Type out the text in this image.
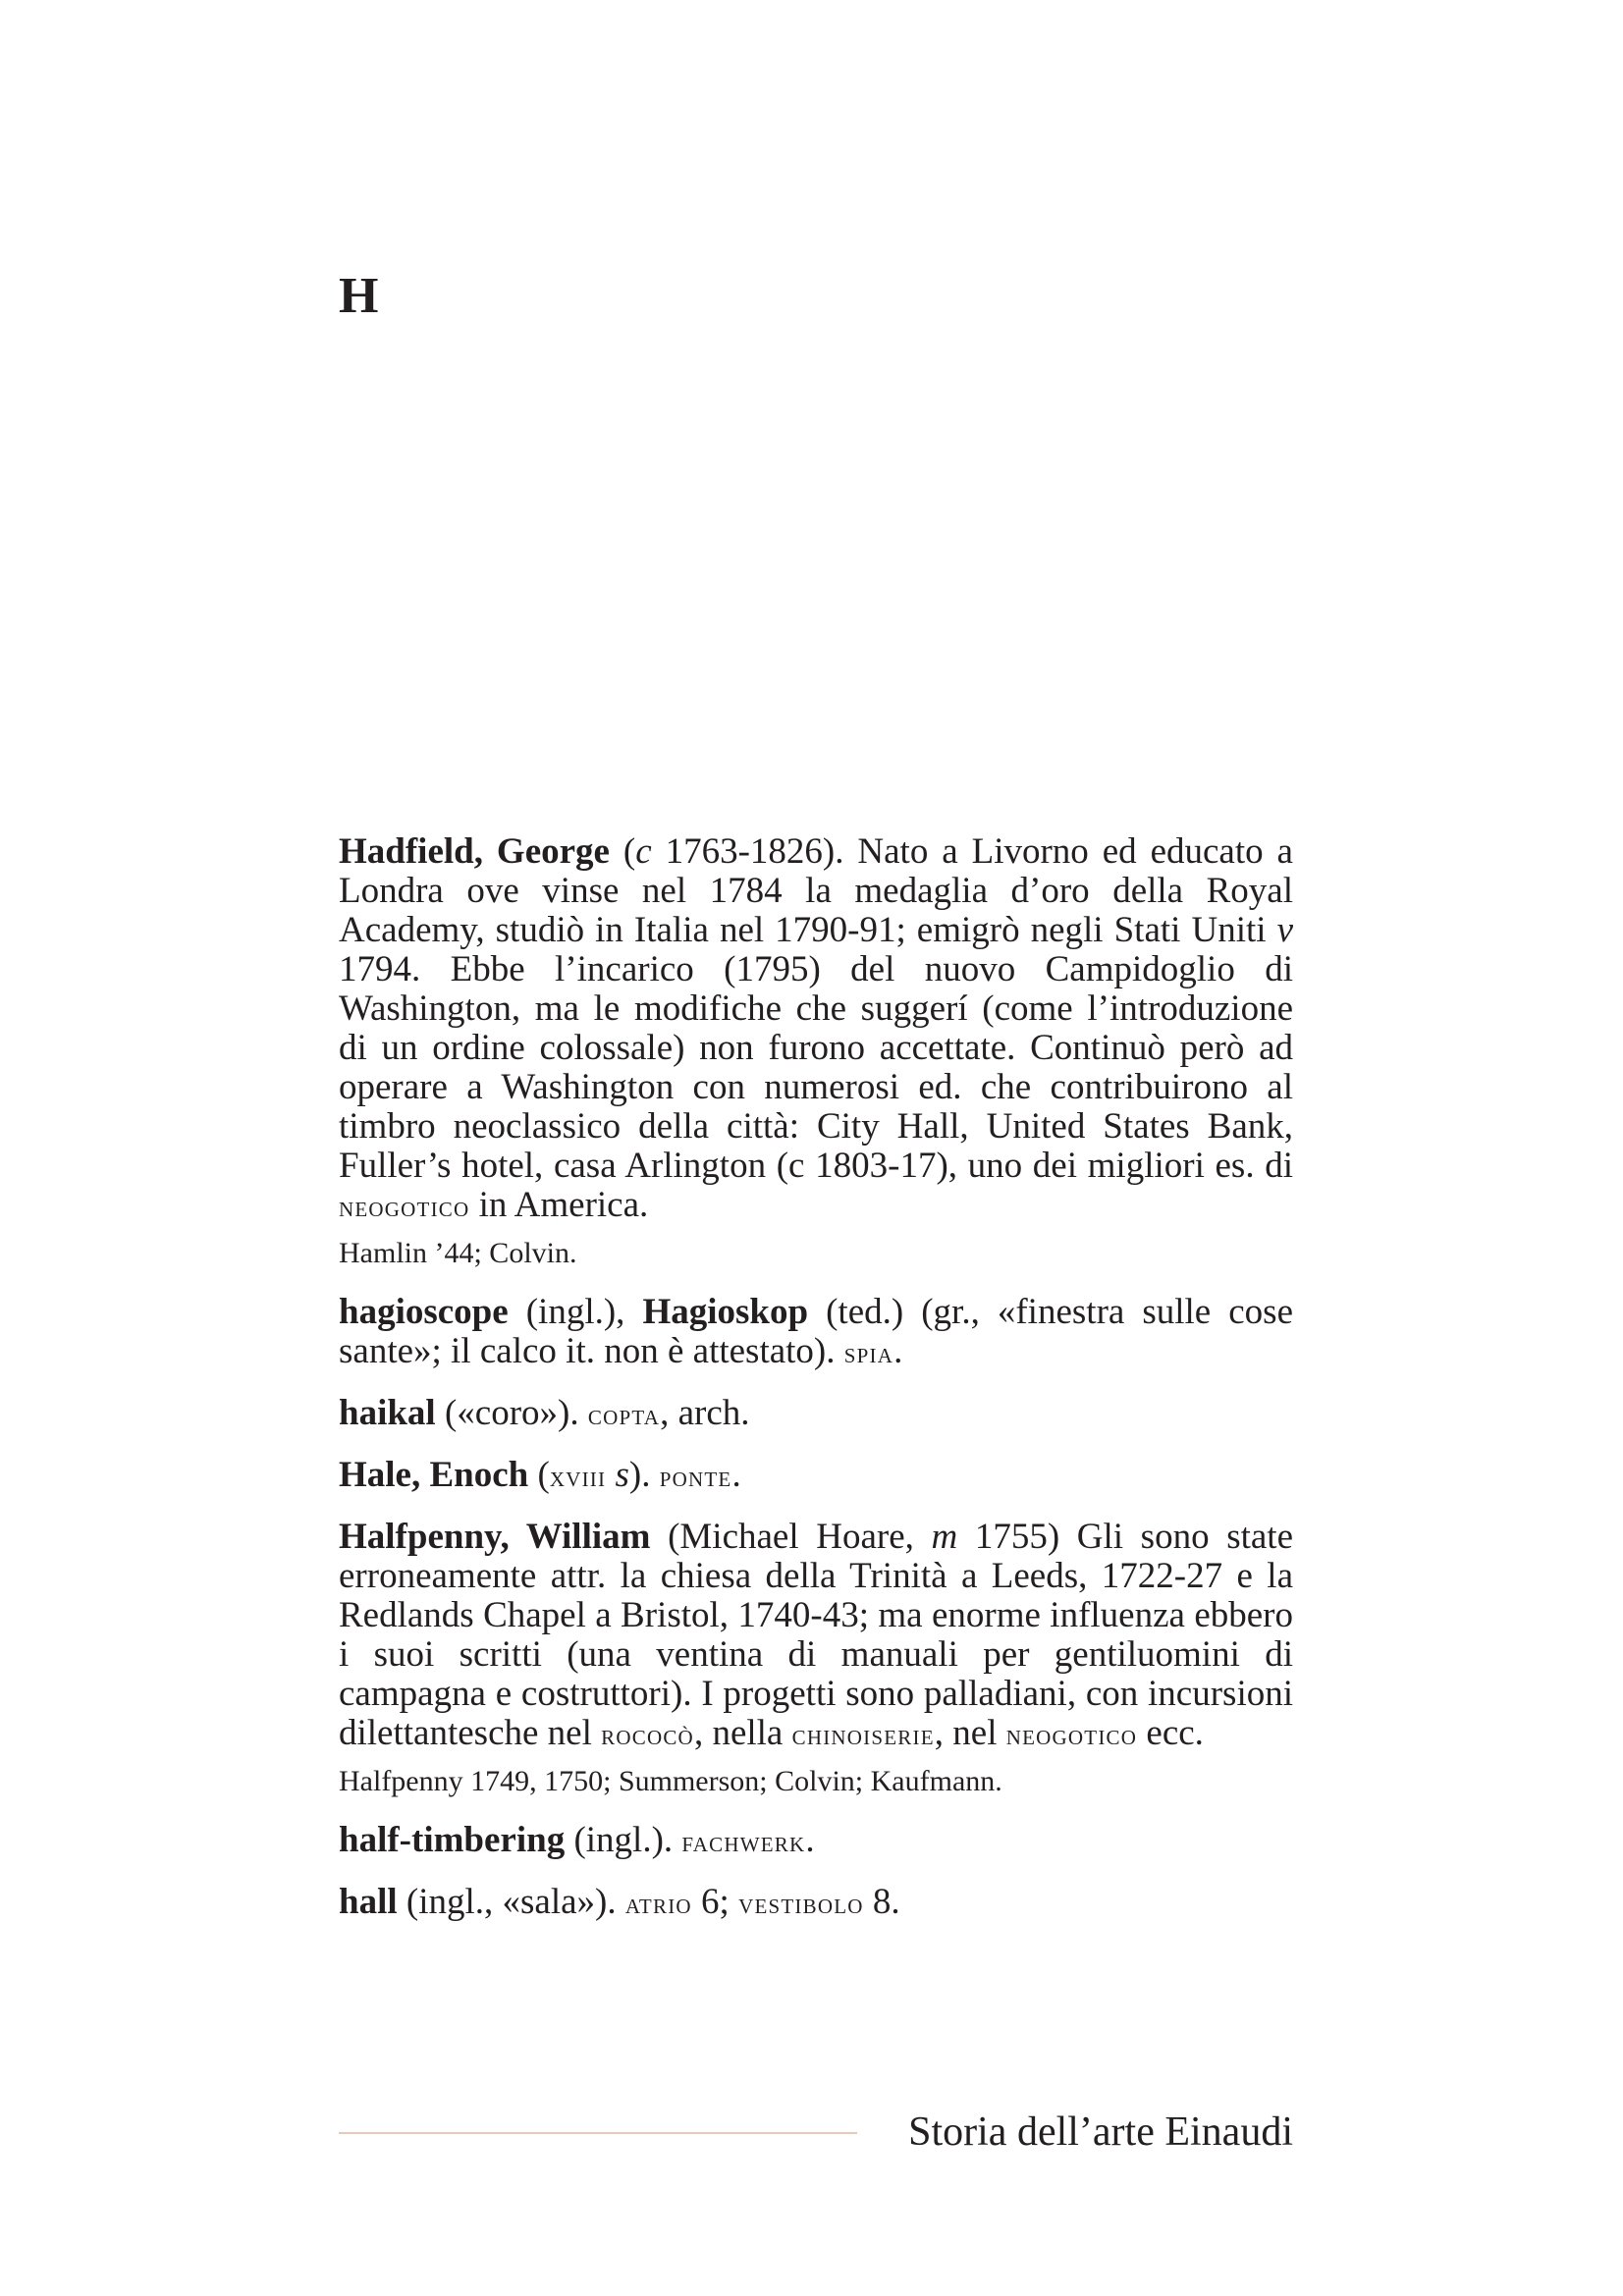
H

Hadfield, George (c 1763-1826). Nato a Livorno ed educato a Londra ove vinse nel 1784 la medaglia d’oro della Royal Academy, studiò in Italia nel 1790-91; emigrò negli Stati Uniti v 1794. Ebbe l’incarico (1795) del nuovo Campidoglio di Washington, ma le modifiche che suggerí (come l’introduzione di un ordine colossale) non furono accettate. Continuò però ad operare a Washington con numerosi ed. che contribuirono al timbro neoclassico della città: City Hall, United States Bank, Fuller’s hotel, casa Arlington (c 1803-17), uno dei migliori es. di neogotico in America.

Hamlin ’44; Colvin.

hagioscope (ingl.), Hagioskop (ted.) (gr., «finestra sulle cose sante»; il calco it. non è attestato). spia.

haikal («coro»). copta, arch.

Hale, Enoch (xviii s). ponte.

Halfpenny, William (Michael Hoare, m 1755) Gli sono state erroneamente attr. la chiesa della Trinità a Leeds, 1722-27 e la Redlands Chapel a Bristol, 1740-43; ma enorme influenza ebbero i suoi scritti (una ventina di manuali per gentiluomini di campagna e costruttori). I progetti sono palladiani, con incursioni dilettantesche nel rococò, nella chinoiserie, nel neogotico ecc.

Halfpenny 1749, 1750; Summerson; Colvin; Kaufmann.

half-timbering (ingl.). fachwerk.

hall (ingl., «sala»). atrio 6; vestibolo 8.

Storia dell’arte Einaudi
